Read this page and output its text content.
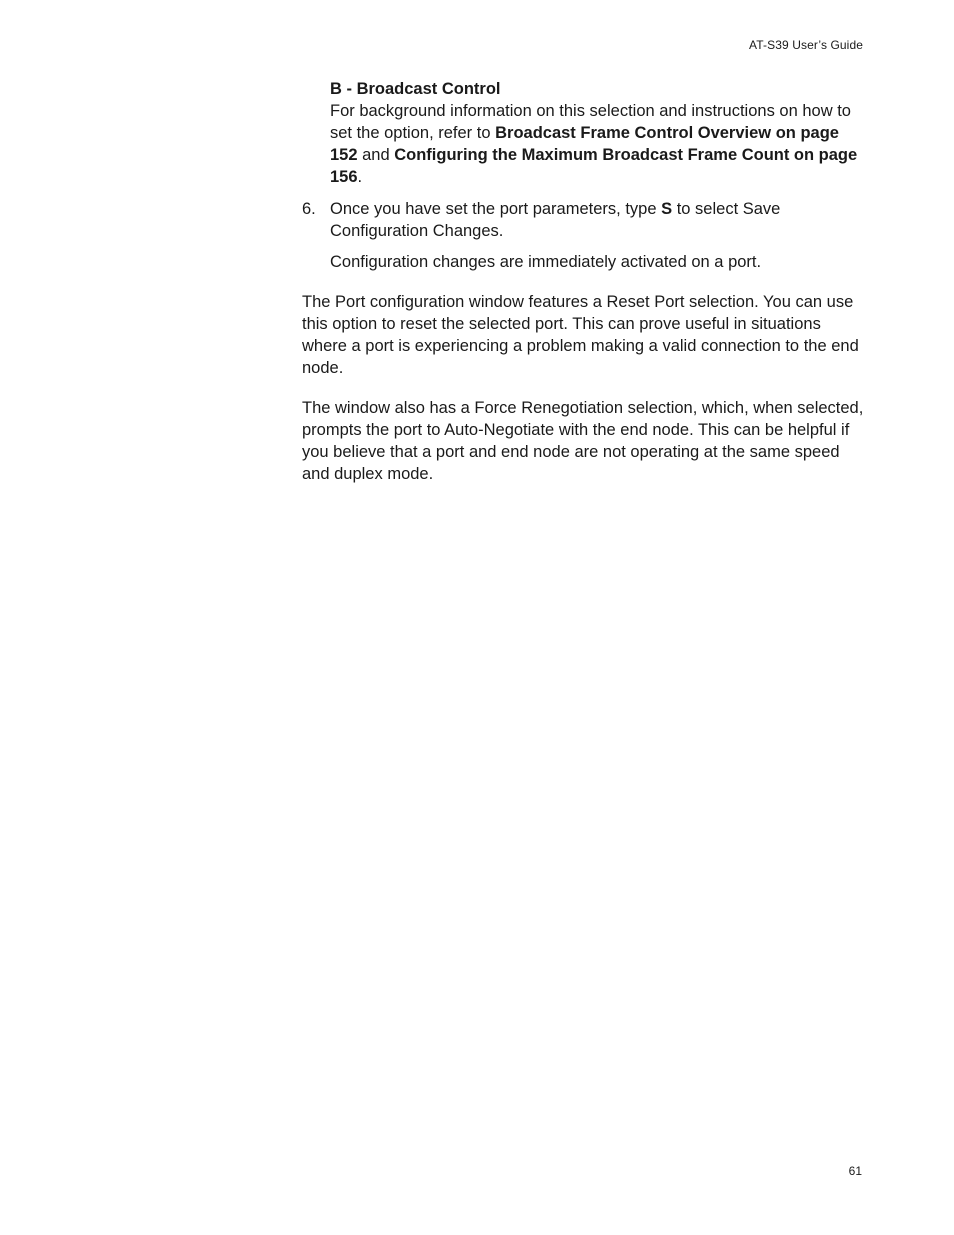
AT-S39 User’s Guide
B - Broadcast Control

For background information on this selection and instructions on how to set the option, refer to Broadcast Frame Control Overview on page 152 and Configuring the Maximum Broadcast Frame Count on page 156.

6. Once you have set the port parameters, type S to select Save Configuration Changes.

Configuration changes are immediately activated on a port.

The Port configuration window features a Reset Port selection. You can use this option to reset the selected port. This can prove useful in situations where a port is experiencing a problem making a valid connection to the end node.

The window also has a Force Renegotiation selection, which, when selected, prompts the port to Auto-Negotiate with the end node. This can be helpful if you believe that a port and end node are not operating at the same speed and duplex mode.

61
